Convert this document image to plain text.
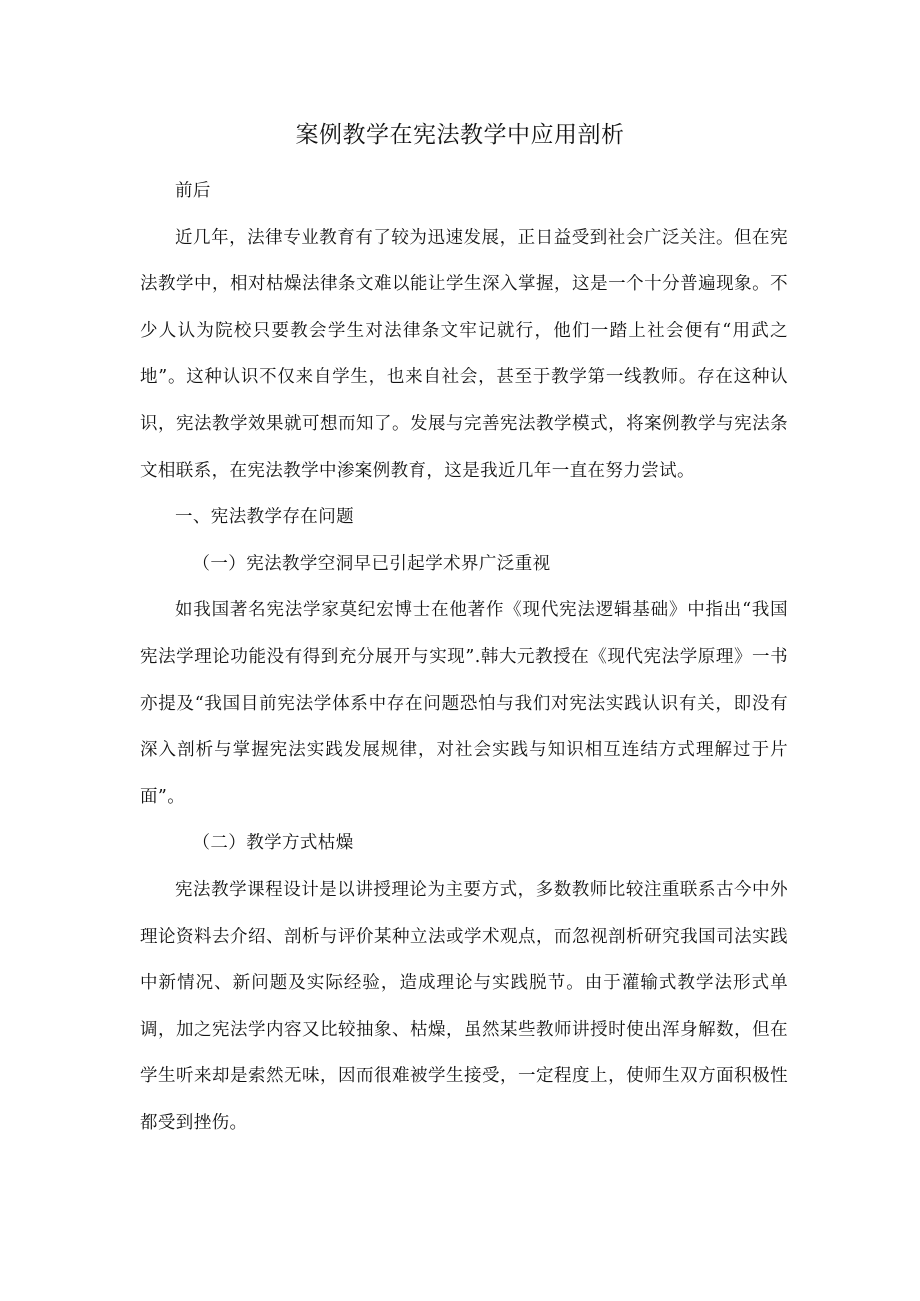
案例教学在宪法教学中应用剖析

前后

近几年，法律专业教育有了较为迅速发展，正日益受到社会广泛关注。但在宪法教学中，相对枯燥法律条文难以能让学生深入掌握，这是一个十分普遍现象。不少人认为院校只要教会学生对法律条文牢记就行，他们一踏上社会便有“用武之地”。这种认识不仅来自学生，也来自社会，甚至于教学第一线教师。存在这种认识，宪法教学效果就可想而知了。发展与完善宪法教学模式，将案例教学与宪法条文相联系，在宪法教学中渗案例教育，这是我近几年一直在努力尝试。

一、宪法教学存在问题

（一）宪法教学空洞早已引起学术界广泛重视

如我国著名宪法学家莫纪宏博士在他著作《现代宪法逻辑基础》中指出“我国宪法学理论功能没有得到充分展开与实现”.韩大元教授在《现代宪法学原理》一书亦提及“我国目前宪法学体系中存在问题恐怕与我们对宪法实践认识有关，即没有深入剖析与掌握宪法实践发展规律，对社会实践与知识相互连结方式理解过于片面”。

（二）教学方式枯燥

宪法教学课程设计是以讲授理论为主要方式，多数教师比较注重联系古今中外理论资料去介绍、剖析与评价某种立法或学术观点，而忽视剖析研究我国司法实践中新情况、新问题及实际经验，造成理论与实践脱节。由于灌输式教学法形式单调，加之宪法学内容又比较抽象、枯燥，虽然某些教师讲授时使出浑身解数，但在学生听来却是索然无味，因而很难被学生接受，一定程度上，使师生双方面积极性都受到挫伤。
